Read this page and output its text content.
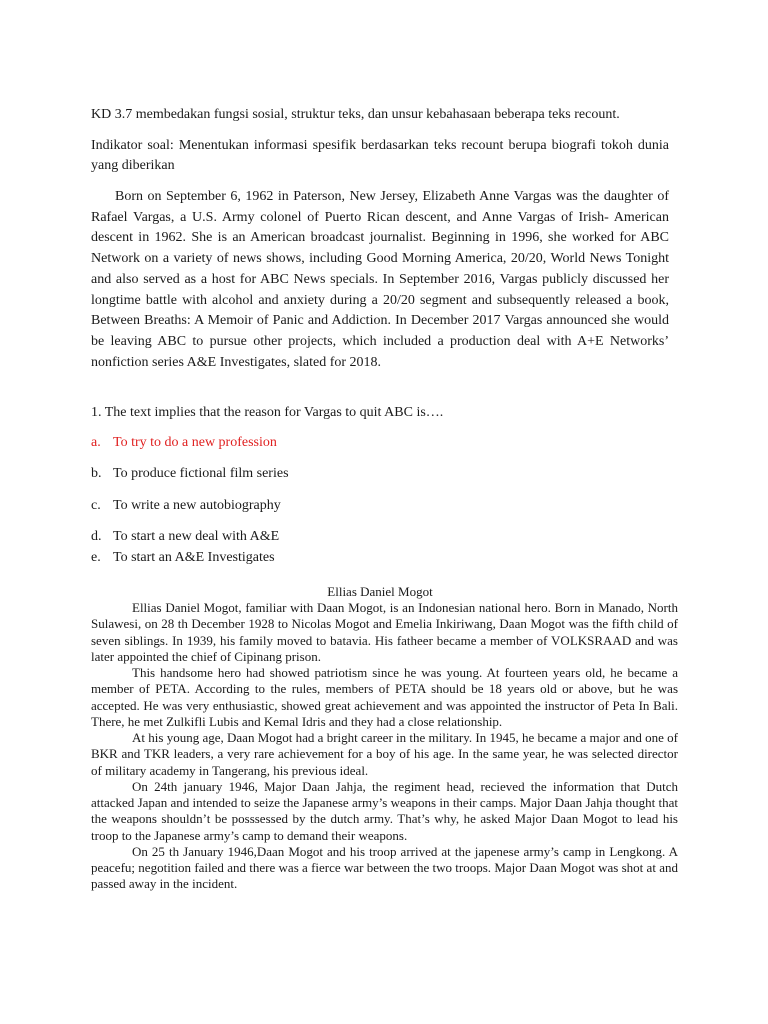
KD 3.7 membedakan fungsi sosial, struktur teks, dan unsur kebahasaan beberapa teks recount.

Indikator soal: Menentukan informasi spesifik berdasarkan teks recount berupa biografi tokoh dunia yang diberikan

Born on September 6, 1962 in Paterson, New Jersey, Elizabeth Anne Vargas was the daughter of Rafael Vargas, a U.S. Army colonel of Puerto Rican descent, and Anne Vargas of Irish- American descent in 1962. She is an American broadcast journalist. Beginning in 1996, she worked for ABC Network on a variety of news shows, including Good Morning America, 20/20, World News Tonight and also served as a host for ABC News specials. In September 2016, Vargas publicly discussed her longtime battle with alcohol and anxiety during a 20/20 segment and subsequently released a book, Between Breaths: A Memoir of Panic and Addiction. In December 2017 Vargas announced she would be leaving ABC to pursue other projects, which included a production deal with A+E Networks’ nonfiction series A&E Investigates, slated for 2018.

1. The text implies that the reason for Vargas to quit ABC is….

a. To try to do a new profession
b. To produce fictional film series
c. To write a new autobiography
d. To start a new deal with A&E
e. To start an A&E Investigates

Ellias Daniel Mogot

Ellias Daniel Mogot, familiar with Daan Mogot, is an Indonesian national hero. Born in Manado, North Sulawesi, on 28 th December 1928 to Nicolas Mogot and Emelia Inkiriwang, Daan Mogot was the fifth child of seven siblings. In 1939, his family moved to batavia. His fatheer became a member of VOLKSRAAD and was later appointed the chief of Cipinang prison.

This handsome hero had showed patriotism since he was young. At fourteen years old, he became a member of PETA. According to the rules, members of PETA should be 18 years old or above, but he was accepted. He was very enthusiastic, showed great achievement and was appointed the instructor of Peta In Bali. There, he met Zulkifli Lubis and Kemal Idris and they had a close relationship.

At his young age, Daan Mogot had a bright career in the military. In 1945, he became a major and one of BKR and TKR leaders, a very rare achievement for a boy of his age. In the same year, he was selected director of military academy in Tangerang, his previous ideal.

On 24th january 1946, Major Daan Jahja, the regiment head, recieved the information that Dutch attacked Japan and intended to seize the Japanese army’s weapons in their camps. Major Daan Jahja thought that the weapons shouldn’t be posssessed by the dutch army. That’s why, he asked Major Daan Mogot to lead his troop to the Japanese army’s camp to demand their weapons.

On 25 th January 1946,Daan Mogot and his troop arrived at the japenese army’s camp in Lengkong. A peacefu; negotition failed and there was a fierce war between the two troops. Major Daan Mogot was shot at and passed away in the incident.
